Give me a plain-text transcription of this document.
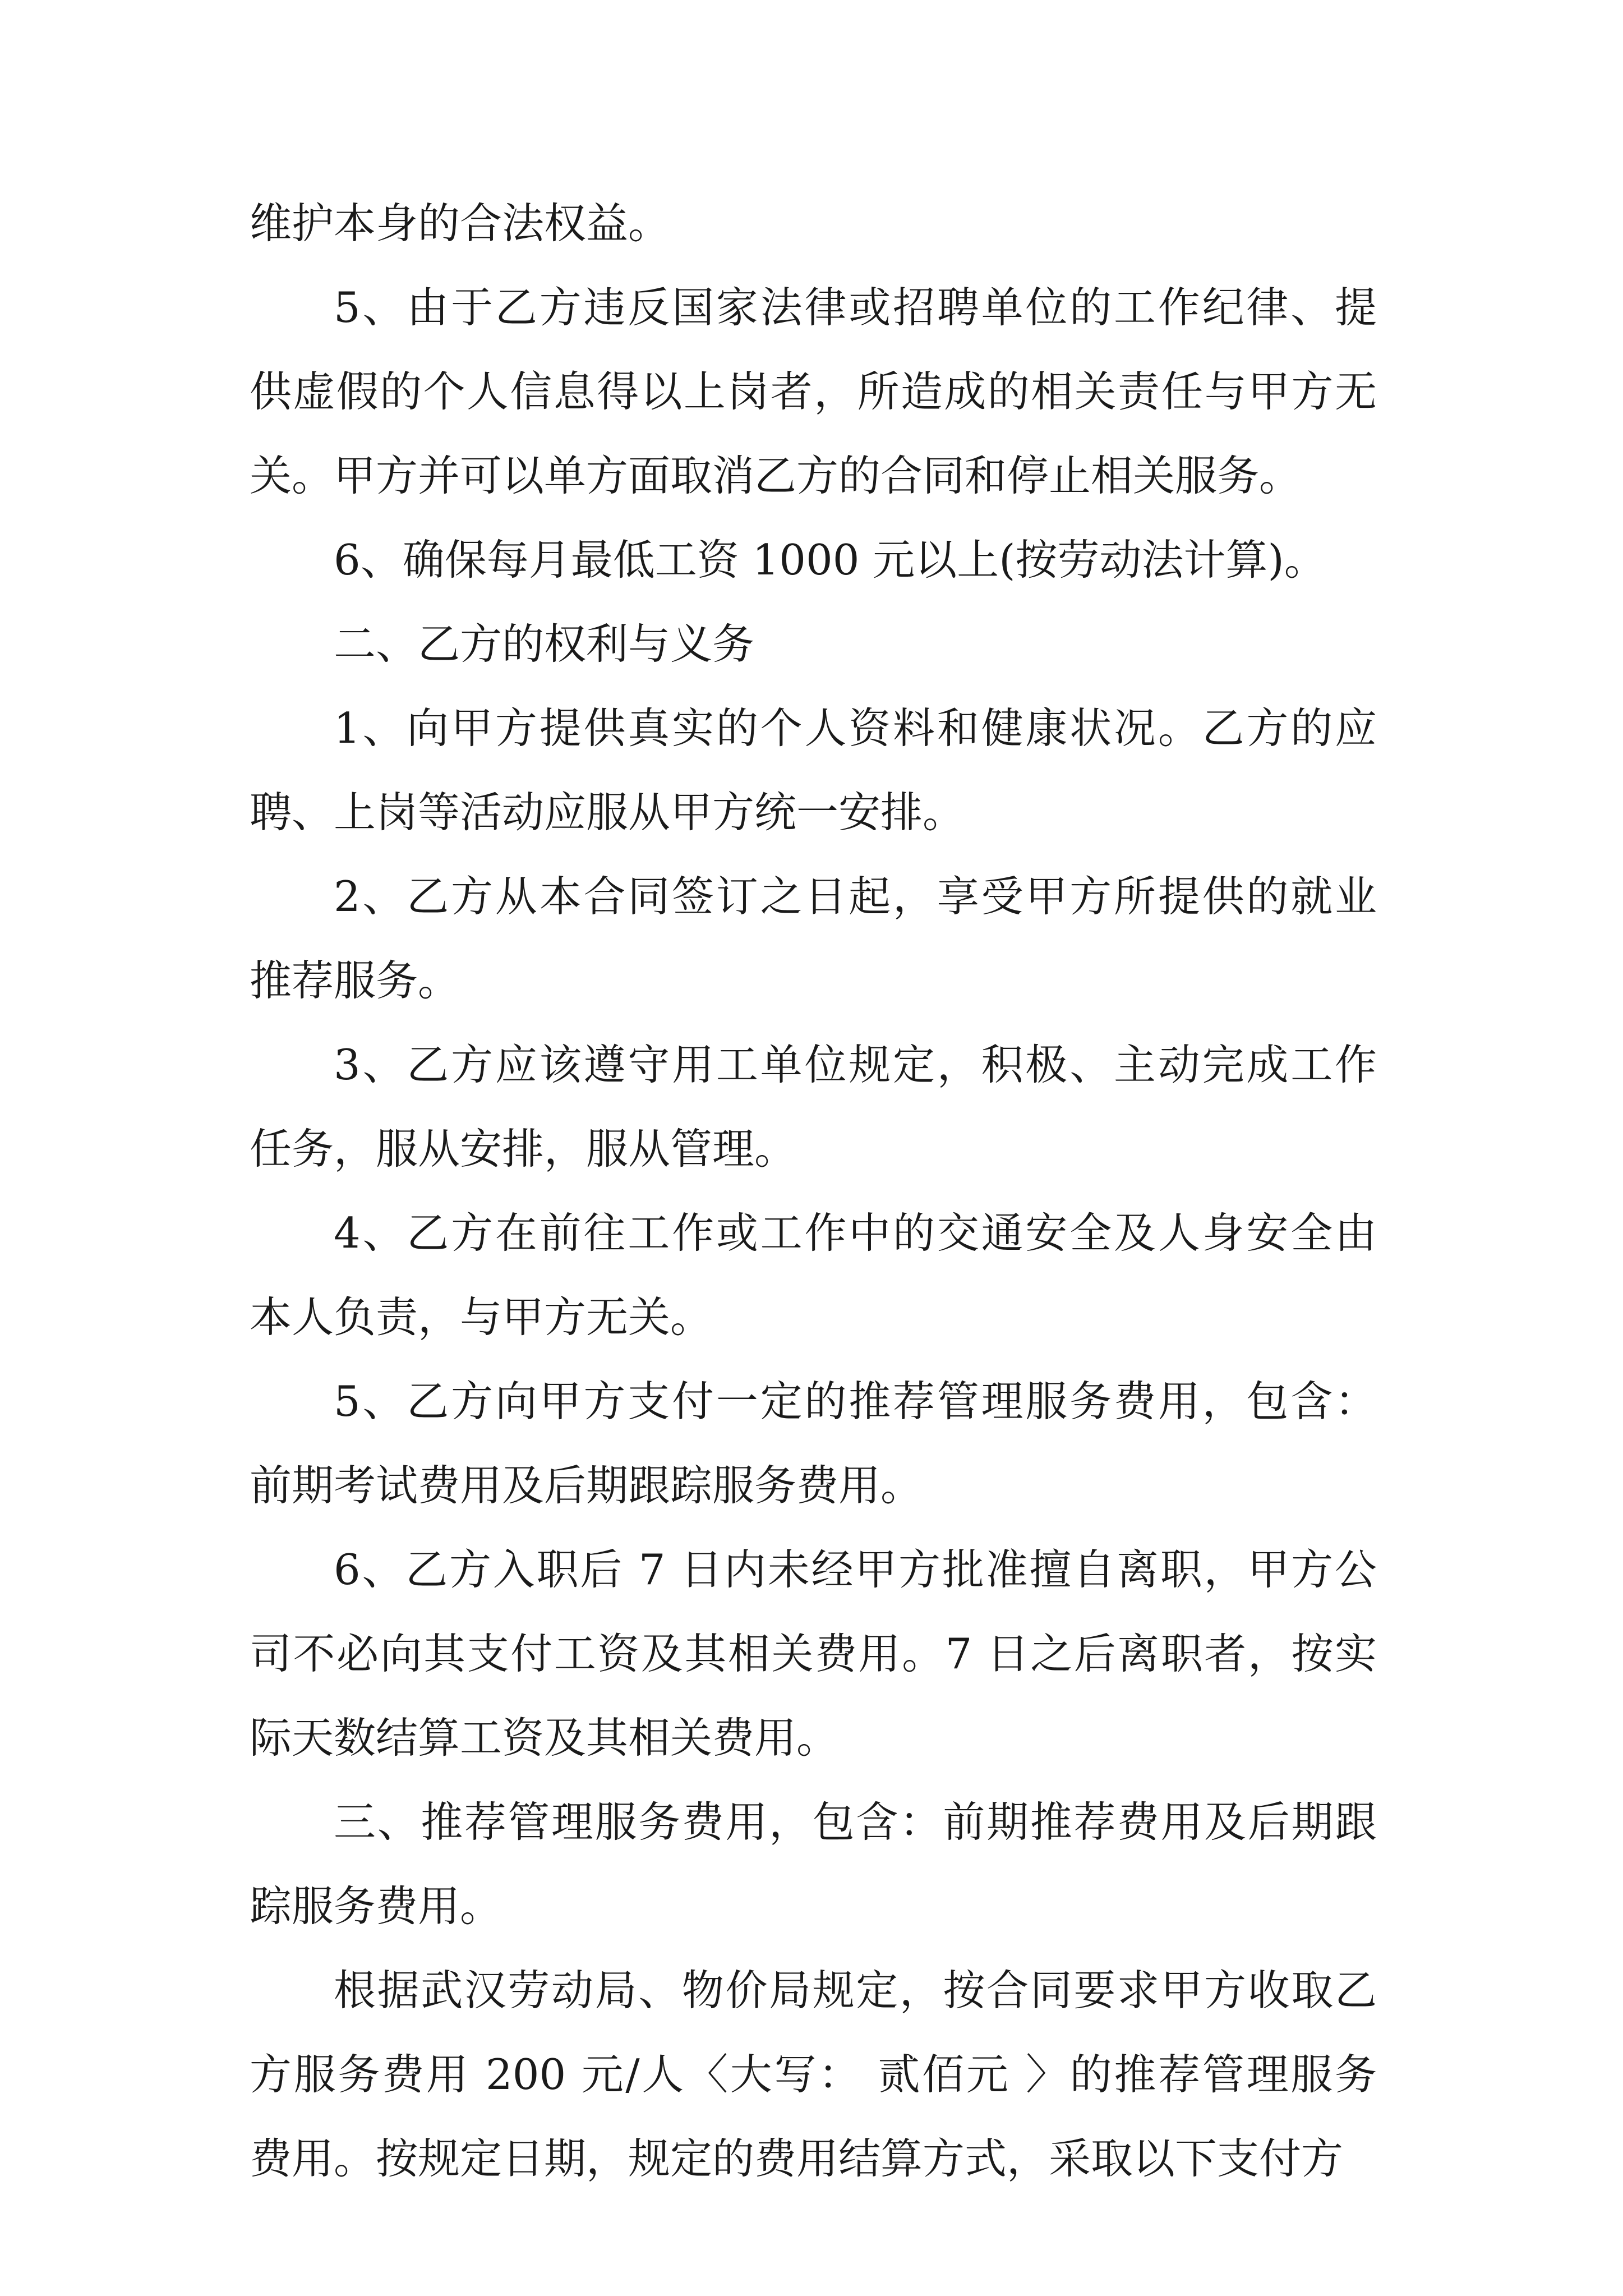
维护本身的合法权益。
5、由于乙方违反国家法律或招聘单位的工作纪律、提
供虚假的个人信息得以上岗者，所造成的相关责任与甲方无
关。甲方并可以单方面取消乙方的合同和停止相关服务。
6、确保每月最低工资 1000 元以上(按劳动法计算)。
二、乙方的权利与义务
1、向甲方提供真实的个人资料和健康状况。乙方的应
聘、上岗等活动应服从甲方统一安排。
2、乙方从本合同签订之日起，享受甲方所提供的就业
推荐服务。
3、乙方应该遵守用工单位规定，积极、主动完成工作
任务，服从安排，服从管理。
4、乙方在前往工作或工作中的交通安全及人身安全由
本人负责，与甲方无关。
5、乙方向甲方支付一定的推荐管理服务费用，包含：
前期考试费用及后期跟踪服务费用。
6、乙方入职后 7 日内未经甲方批准擅自离职，甲方公
司不必向其支付工资及其相关费用。7 日之后离职者，按实
际天数结算工资及其相关费用。
三、推荐管理服务费用，包含：前期推荐费用及后期跟
踪服务费用。
根据武汉劳动局、物价局规定，按合同要求甲方收取乙
方服务费用 200 元/人〈大写： 贰佰元 〉的推荐管理服务
费用。按规定日期，规定的费用结算方式，采取以下支付方
